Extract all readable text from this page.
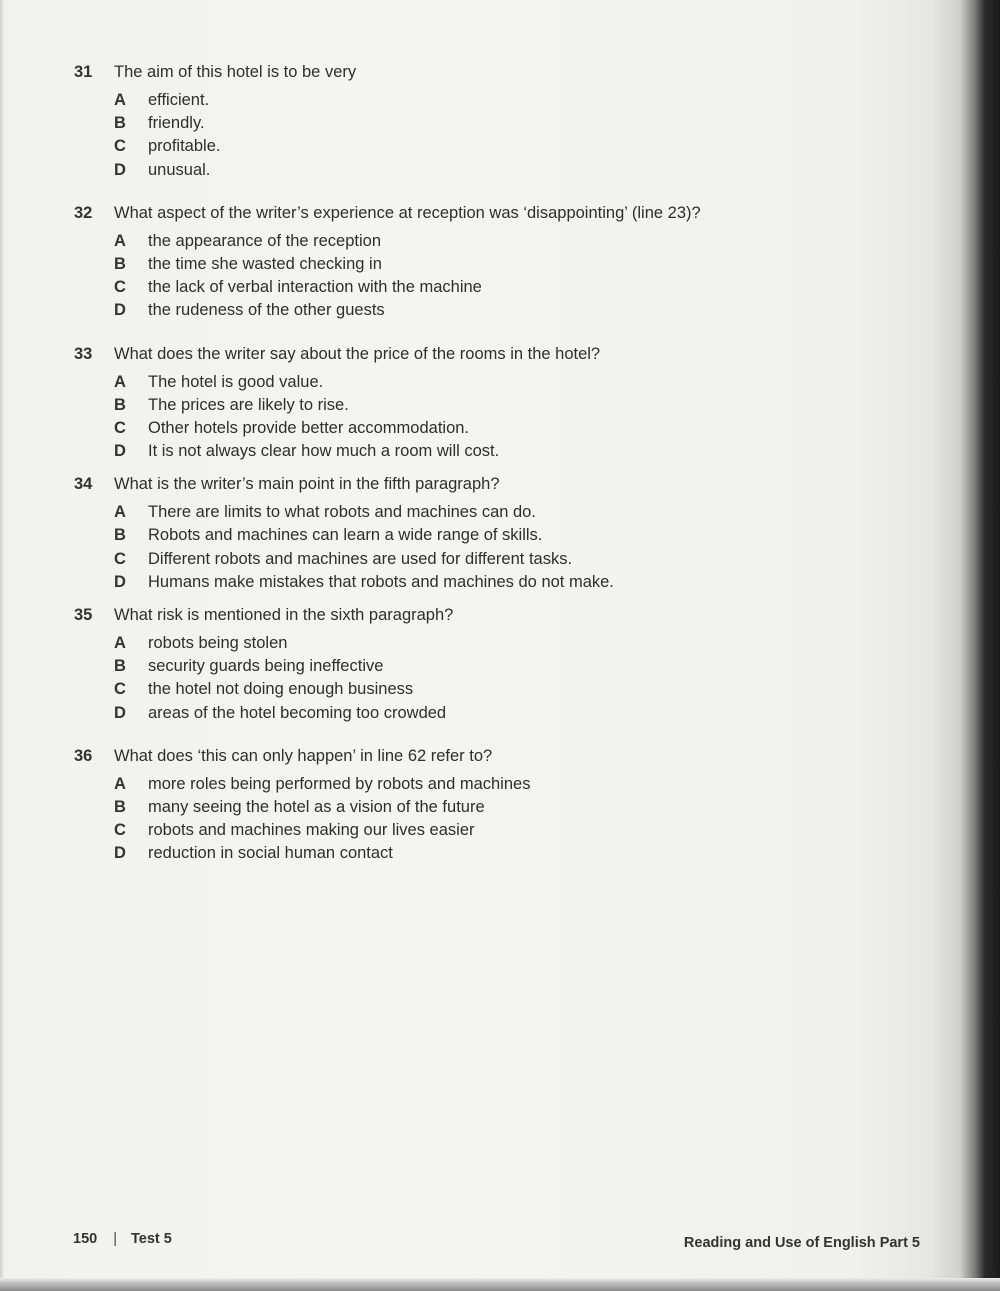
31	The aim of this hotel is to be very
A	efficient.
B	friendly.
C	profitable.
D	unusual.
32	What aspect of the writer’s experience at reception was ‘disappointing’ (line 23)?
A	the appearance of the reception
B	the time she wasted checking in
C	the lack of verbal interaction with the machine
D	the rudeness of the other guests
33	What does the writer say about the price of the rooms in the hotel?
A	The hotel is good value.
B	The prices are likely to rise.
C	Other hotels provide better accommodation.
D	It is not always clear how much a room will cost.
34	What is the writer’s main point in the fifth paragraph?
A	There are limits to what robots and machines can do.
B	Robots and machines can learn a wide range of skills.
C	Different robots and machines are used for different tasks.
D	Humans make mistakes that robots and machines do not make.
35	What risk is mentioned in the sixth paragraph?
A	robots being stolen
B	security guards being ineffective
C	the hotel not doing enough business
D	areas of the hotel becoming too crowded
36	What does ‘this can only happen’ in line 62 refer to?
A	more roles being performed by robots and machines
B	many seeing the hotel as a vision of the future
C	robots and machines making our lives easier
D	reduction in social human contact
150 | Test 5	Reading and Use of English Part 5
